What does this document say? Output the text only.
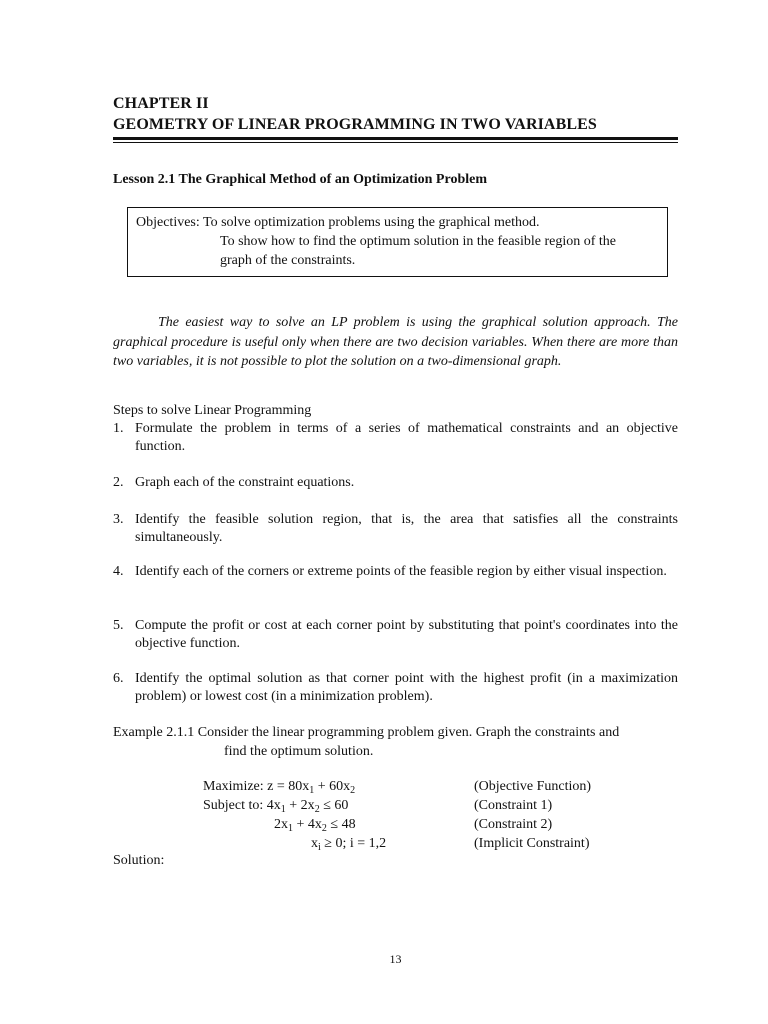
CHAPTER II
GEOMETRY OF LINEAR PROGRAMMING IN TWO VARIABLES
Lesson 2.1 The Graphical Method of an Optimization Problem
Objectives: To solve optimization problems using the graphical method.
To show how to find the optimum solution in the feasible region of the
graph of the constraints.
The easiest way to solve an LP problem is using the graphical solution approach. The graphical procedure is useful only when there are two decision variables. When there are more than two variables, it is not possible to plot the solution on a two-dimensional graph.
Steps to solve Linear Programming
1. Formulate the problem in terms of a series of mathematical constraints and an objective function.
2. Graph each of the constraint equations.
3. Identify the feasible solution region, that is, the area that satisfies all the constraints simultaneously.
4. Identify each of the corners or extreme points of the feasible region by either visual inspection.
5. Compute the profit or cost at each corner point by substituting that point's coordinates into the objective function.
6. Identify the optimal solution as that corner point with the highest profit (in a maximization problem) or lowest cost (in a minimization problem).
Example 2.1.1 Consider the linear programming problem given. Graph the constraints and
find the optimum solution.
Maximize: $z = 80x_1 + 60x_2$	(Objective Function)
Subject to: $4x_1 + 2x_2 \le 60$	(Constraint 1)
$2x_1 + 4x_2 \le 48$	(Constraint 2)
$x_i \ge 0$; i = 1,2	(Implicit Constraint)
Solution:
13
